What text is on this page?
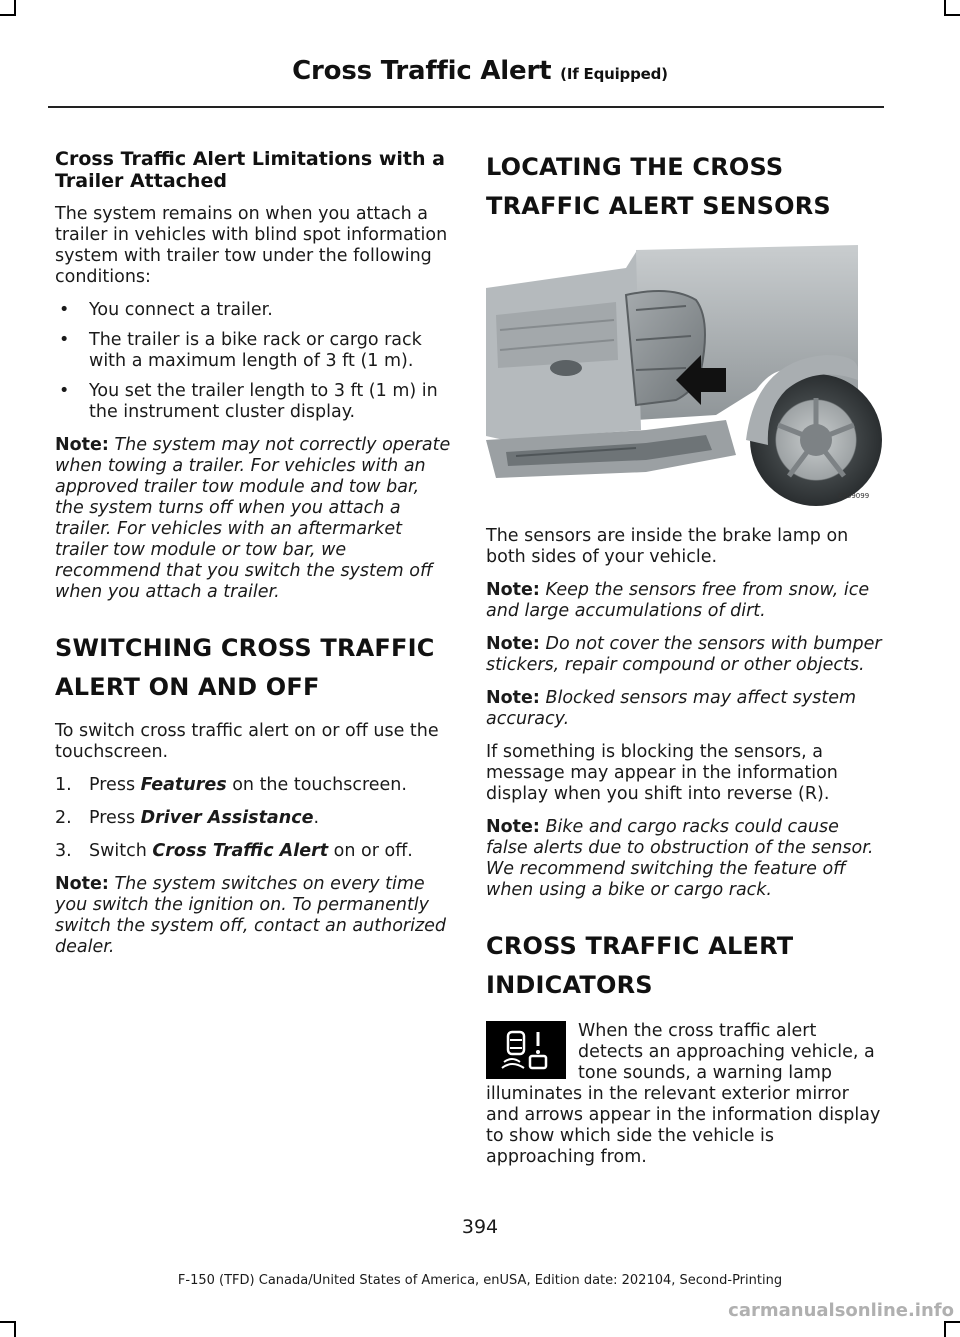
Cross Traffic Alert (If Equipped)
Cross Traffic Alert Limitations with a Trailer Attached

The system remains on when you attach a trailer in vehicles with blind spot information system with trailer tow under the following conditions:

• You connect a trailer.
• The trailer is a bike rack or cargo rack with a maximum length of 3 ft (1 m).
• You set the trailer length to 3 ft (1 m) in the instrument cluster display.

Note: The system may not correctly operate when towing a trailer. For vehicles with an approved trailer tow module and tow bar, the system turns off when you attach a trailer. For vehicles with an aftermarket trailer tow module or tow bar, we recommend that you switch the system off when you attach a trailer.

SWITCHING CROSS TRAFFIC
ALERT ON AND OFF

To switch cross traffic alert on or off use the touchscreen.

1. Press Features on the touchscreen.
2. Press Driver Assistance.
3. Switch Cross Traffic Alert on or off.

Note: The system switches on every time you switch the ignition on. To permanently switch the system off, contact an authorized dealer.

LOCATING THE CROSS
TRAFFIC ALERT SENSORS
E309099

The sensors are inside the brake lamp on both sides of your vehicle.

Note: Keep the sensors free from snow, ice and large accumulations of dirt.

Note: Do not cover the sensors with bumper stickers, repair compound or other objects.

Note: Blocked sensors may affect system accuracy.

If something is blocking the sensors, a message may appear in the information display when you shift into reverse (R).

Note: Bike and cargo racks could cause false alerts due to obstruction of the sensor. We recommend switching the feature off when using a bike or cargo rack.

CROSS TRAFFIC ALERT
INDICATORS
When the cross traffic alert detects an approaching vehicle, a tone sounds, a warning lamp illuminates in the relevant exterior mirror and arrows appear in the information display to show which side the vehicle is approaching from.
394
F-150 (TFD) Canada/United States of America, enUSA, Edition date: 202104, Second-Printing
carmanualsonline.info
